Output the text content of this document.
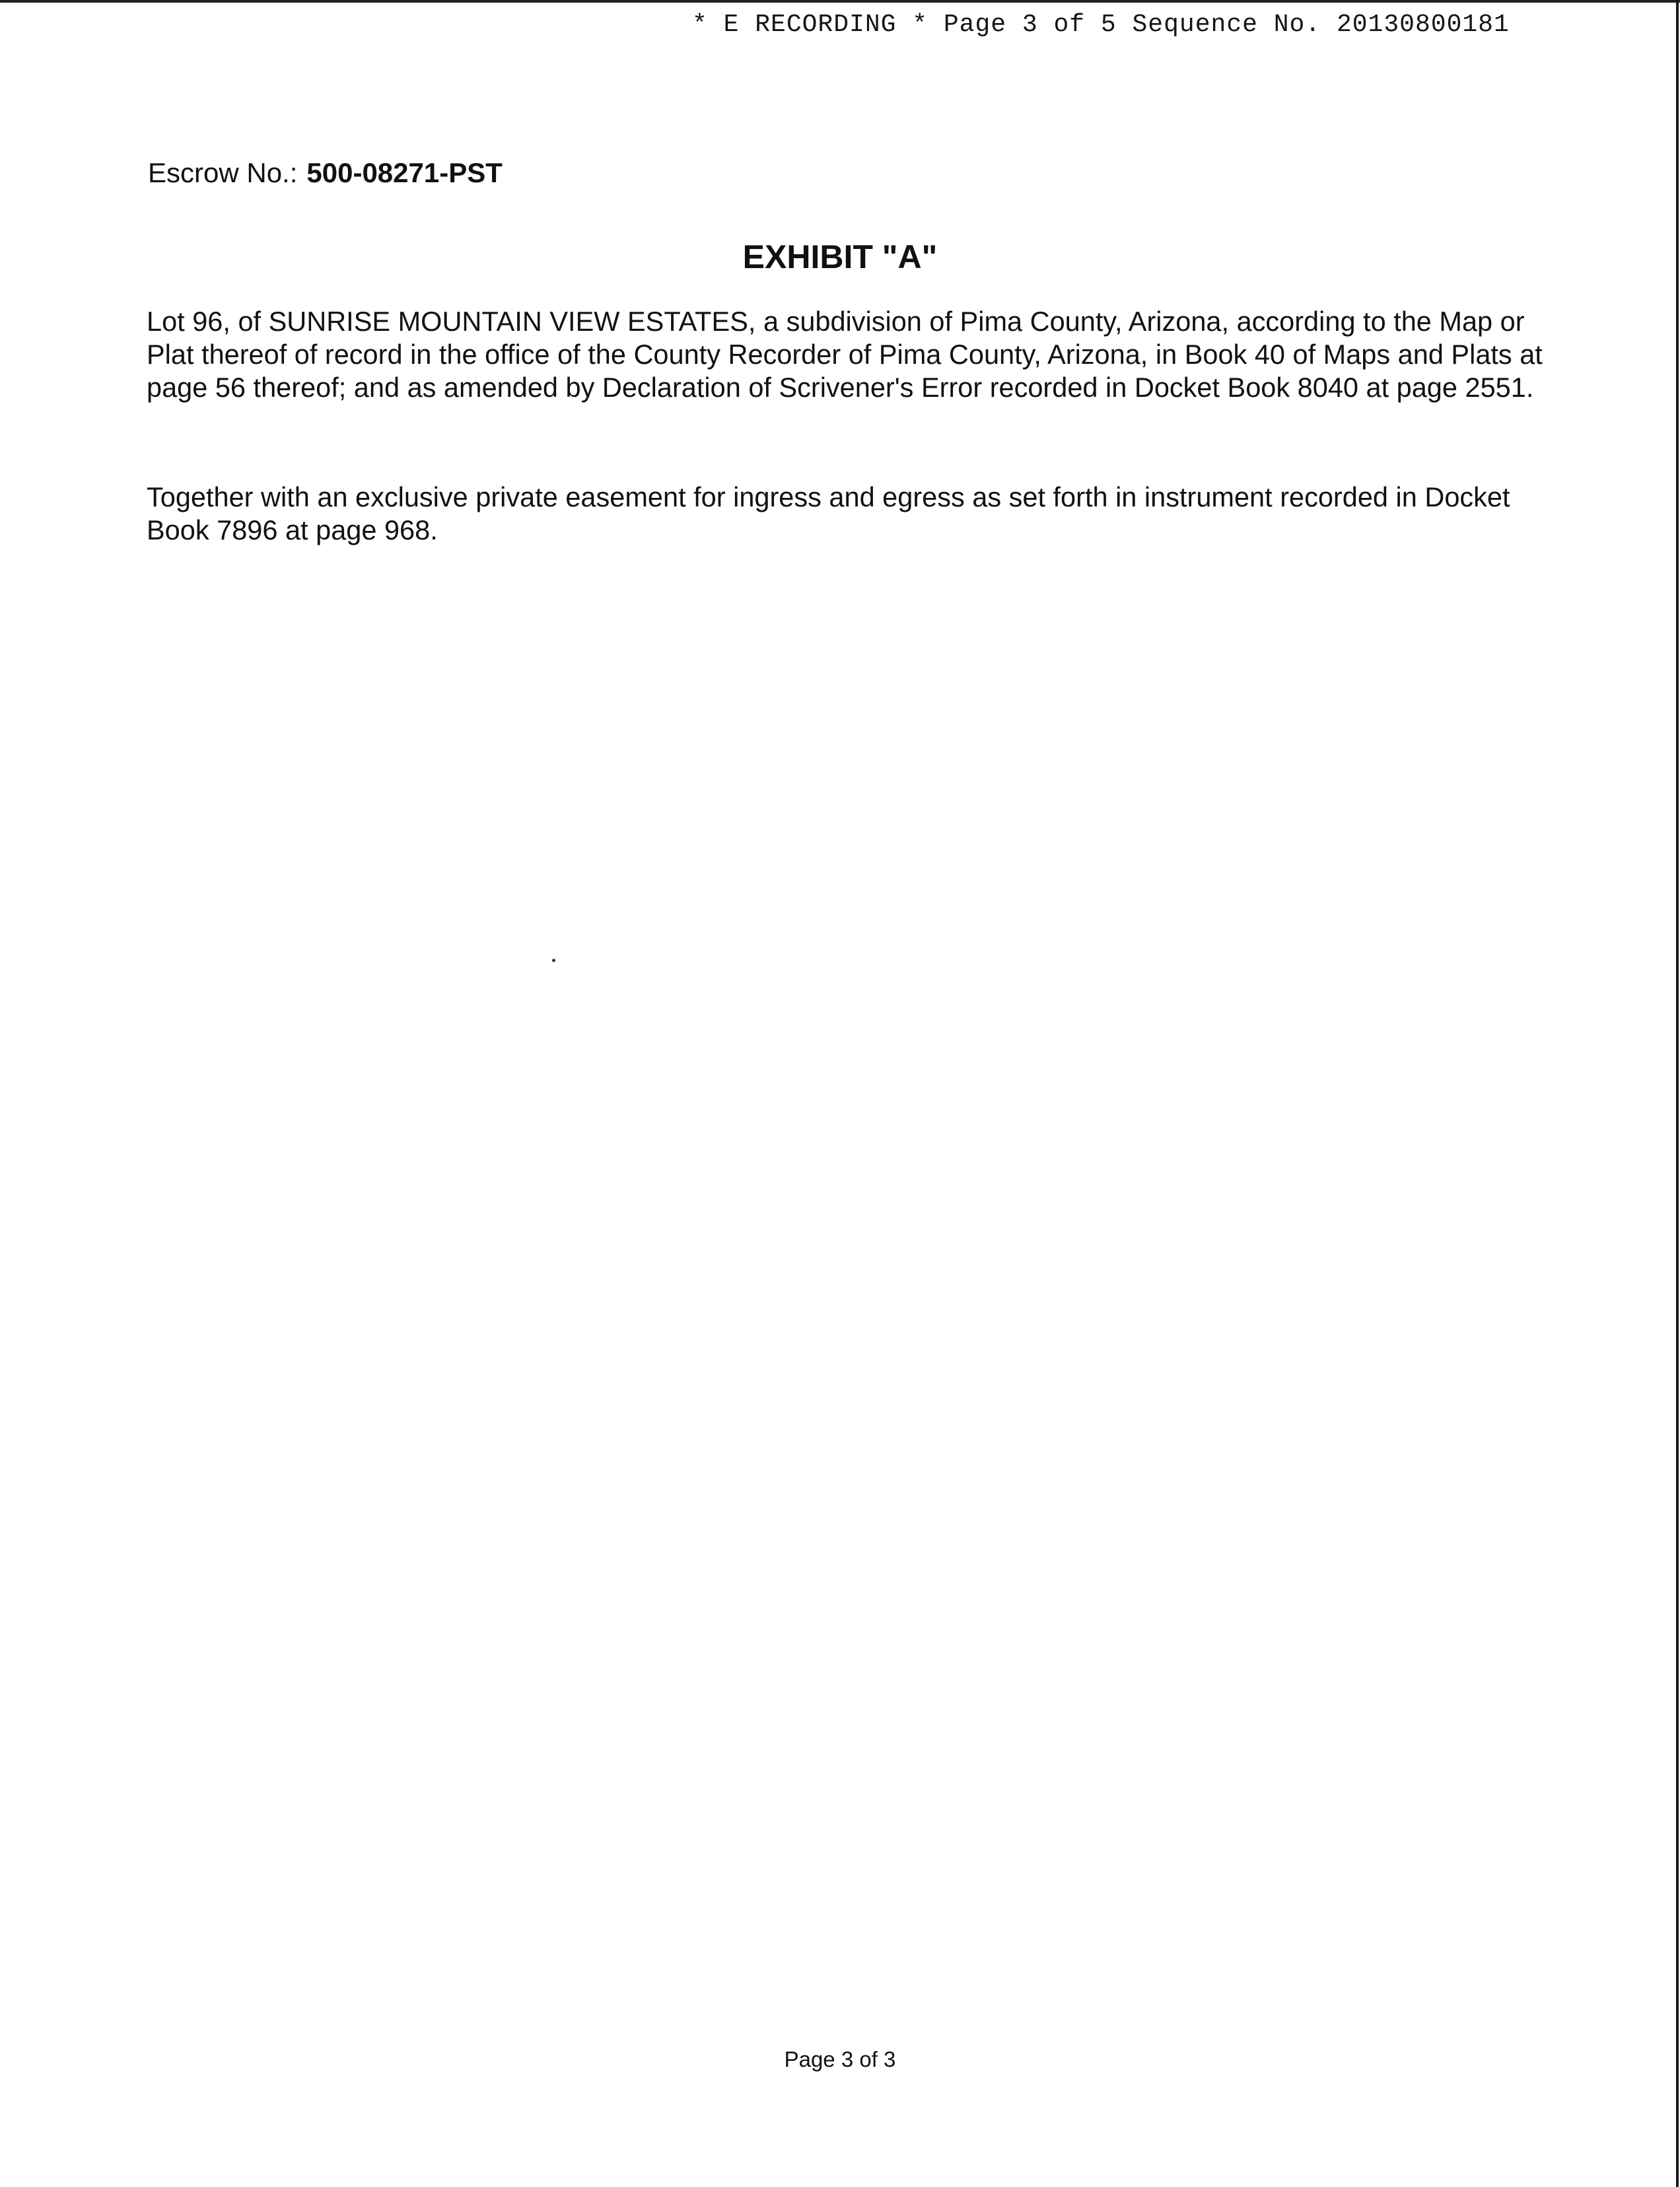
* E RECORDING * Page 3 of 5 Sequence No. 20130800181
Escrow No.: 500-08271-PST
EXHIBIT "A"

Lot 96, of SUNRISE MOUNTAIN VIEW ESTATES, a subdivision of Pima County, Arizona, according to the Map or Plat thereof of record in the office of the County Recorder of Pima County, Arizona, in Book 40 of Maps and Plats at page 56 thereof; and as amended by Declaration of Scrivener's Error recorded in Docket Book 8040 at page 2551.

Together with an exclusive private easement for ingress and egress as set forth in instrument recorded in Docket Book 7896 at page 968.

Page 3 of 3
